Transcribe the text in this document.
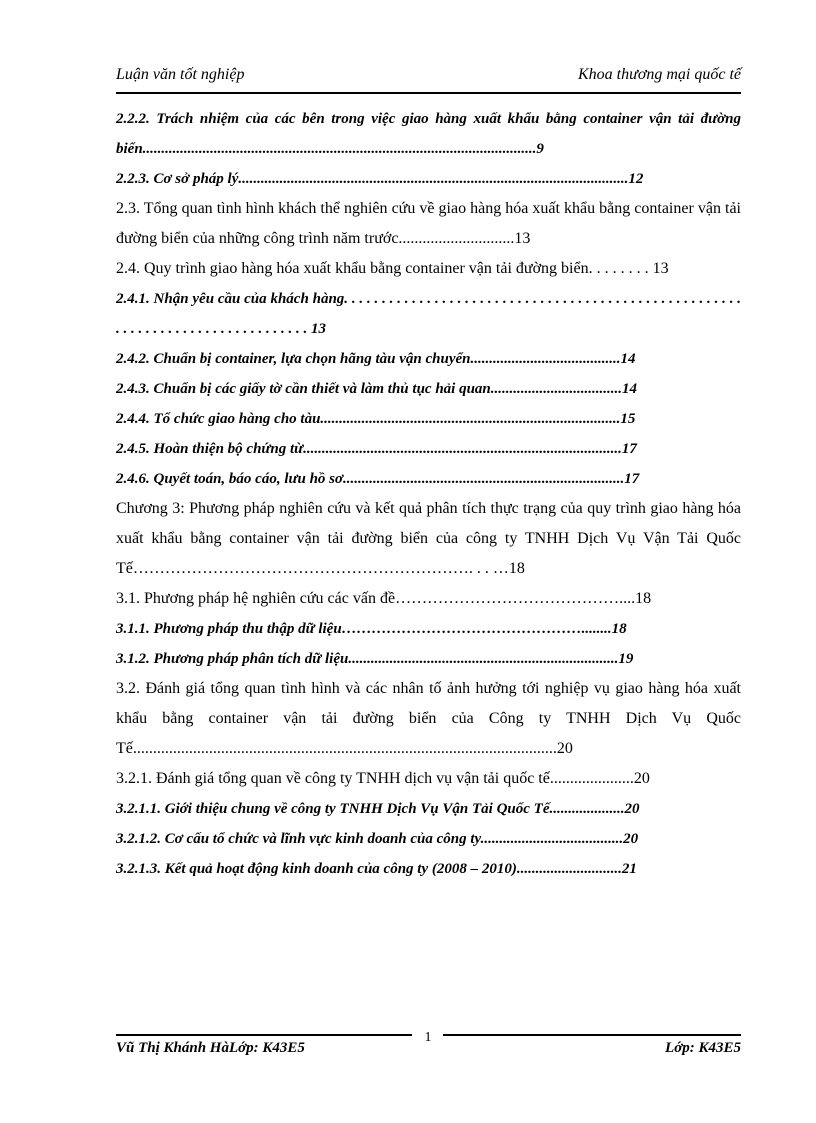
Luận văn tốt nghiệp	Khoa thương mại quốc tế
2.2.2. Trách nhiệm của các bên trong việc giao hàng xuất khẩu bằng container vận tải đường biển.........................................................................................................9
2.2.3. Cơ sở pháp lý........................................................................................................12
2.3. Tổng quan tình hình khách thể nghiên cứu về giao hàng hóa xuất khẩu bằng container vận tải đường biển của những công trình năm trước.............................13
2.4. Quy trình giao hàng hóa xuất khẩu bằng container vận tải đường biển. . . . . . . . 13
2.4.1. Nhận yêu cầu của khách hàng. . . . . . . . . . . . . . . . . . . . . . . . . . . . . . . . . . . . . . . . . . . . . . . . . . . . . . . . . . . . . . . . . . . . . . . . . . . . . . . 13
2.4.2. Chuẩn bị container, lựa chọn hãng tàu vận chuyển........................................14
2.4.3. Chuẩn bị các giấy tờ cần thiết và làm thủ tục hải quan...................................14
2.4.4. Tổ chức giao hàng cho tàu................................................................................15
2.4.5. Hoàn thiện bộ chứng từ.....................................................................................17
2.4.6. Quyết toán, báo cáo, lưu hồ sơ...........................................................................17
Chương 3: Phương pháp nghiên cứu và kết quả phân tích thực trạng của quy trình giao hàng hóa xuất khẩu bằng container vận tải đường biển của công ty TNHH Dịch Vụ Vận Tải Quốc Tế………………………………………………………. . . …18
3.1. Phương pháp hệ nghiên cứu các vấn đề……………………………………....18
3.1.1. Phương pháp thu thập dữ liệu…………………………………………........18
3.1.2. Phương pháp phân tích dữ liệu........................................................................19
3.2. Đánh giá tổng quan tình hình và các nhân tố ảnh hưởng tới nghiệp vụ giao hàng hóa xuất khẩu bằng container vận tải đường biển của Công ty TNHH Dịch Vụ Quốc Tế..........................................................................................................20
3.2.1. Đánh giá tổng quan về công ty TNHH dịch vụ vận tải quốc tế.....................20
3.2.1.1. Giới thiệu chung về công ty TNHH Dịch Vụ Vận Tải Quốc Tế....................20
3.2.1.2. Cơ cấu tổ chức và lĩnh vực kinh doanh của công ty......................................20
3.2.1.3. Kết quả hoạt động kinh doanh của công ty (2008 – 2010)............................21
1
Vũ Thị Khánh HàLớp: K43E5	Lớp: K43E5
